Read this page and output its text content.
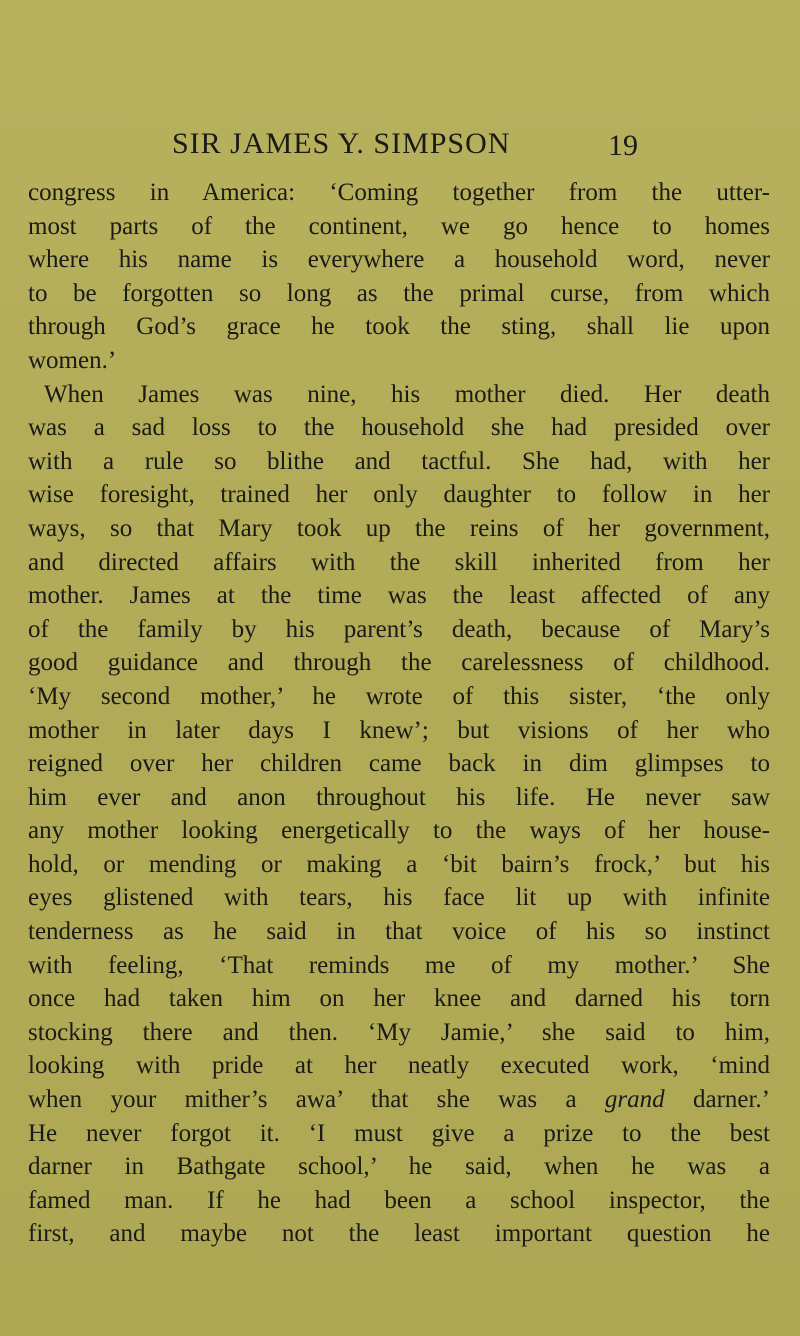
SIR JAMES Y. SIMPSON	19
congress in America: ‘Coming together from the utter-
most parts of the continent, we go hence to homes
where his name is everywhere a household word, never
to be forgotten so long as the primal curse, from which
through God’s grace he took the sting, shall lie upon
women.’
When James was nine, his mother died. Her death
was a sad loss to the household she had presided over
with a rule so blithe and tactful. She had, with her
wise foresight, trained her only daughter to follow in her
ways, so that Mary took up the reins of her government,
and directed affairs with the skill inherited from her
mother. James at the time was the least affected of any
of the family by his parent’s death, because of Mary’s
good guidance and through the carelessness of childhood.
‘My second mother,’ he wrote of this sister, ‘the only
mother in later days I knew’; but visions of her who
reigned over her children came back in dim glimpses to
him ever and anon throughout his life. He never saw
any mother looking energetically to the ways of her house-
hold, or mending or making a ‘bit bairn’s frock,’ but his
eyes glistened with tears, his face lit up with infinite
tenderness as he said in that voice of his so instinct
with feeling, ‘That reminds me of my mother.’ She
once had taken him on her knee and darned his torn
stocking there and then. ‘My Jamie,’ she said to him,
looking with pride at her neatly executed work, ‘mind
when your mither’s awa’ that she was a grand darner.’
He never forgot it. ‘I must give a prize to the best
darner in Bathgate school,’ he said, when he was a
famed man. If he had been a school inspector, the
first, and maybe not the least important question he
